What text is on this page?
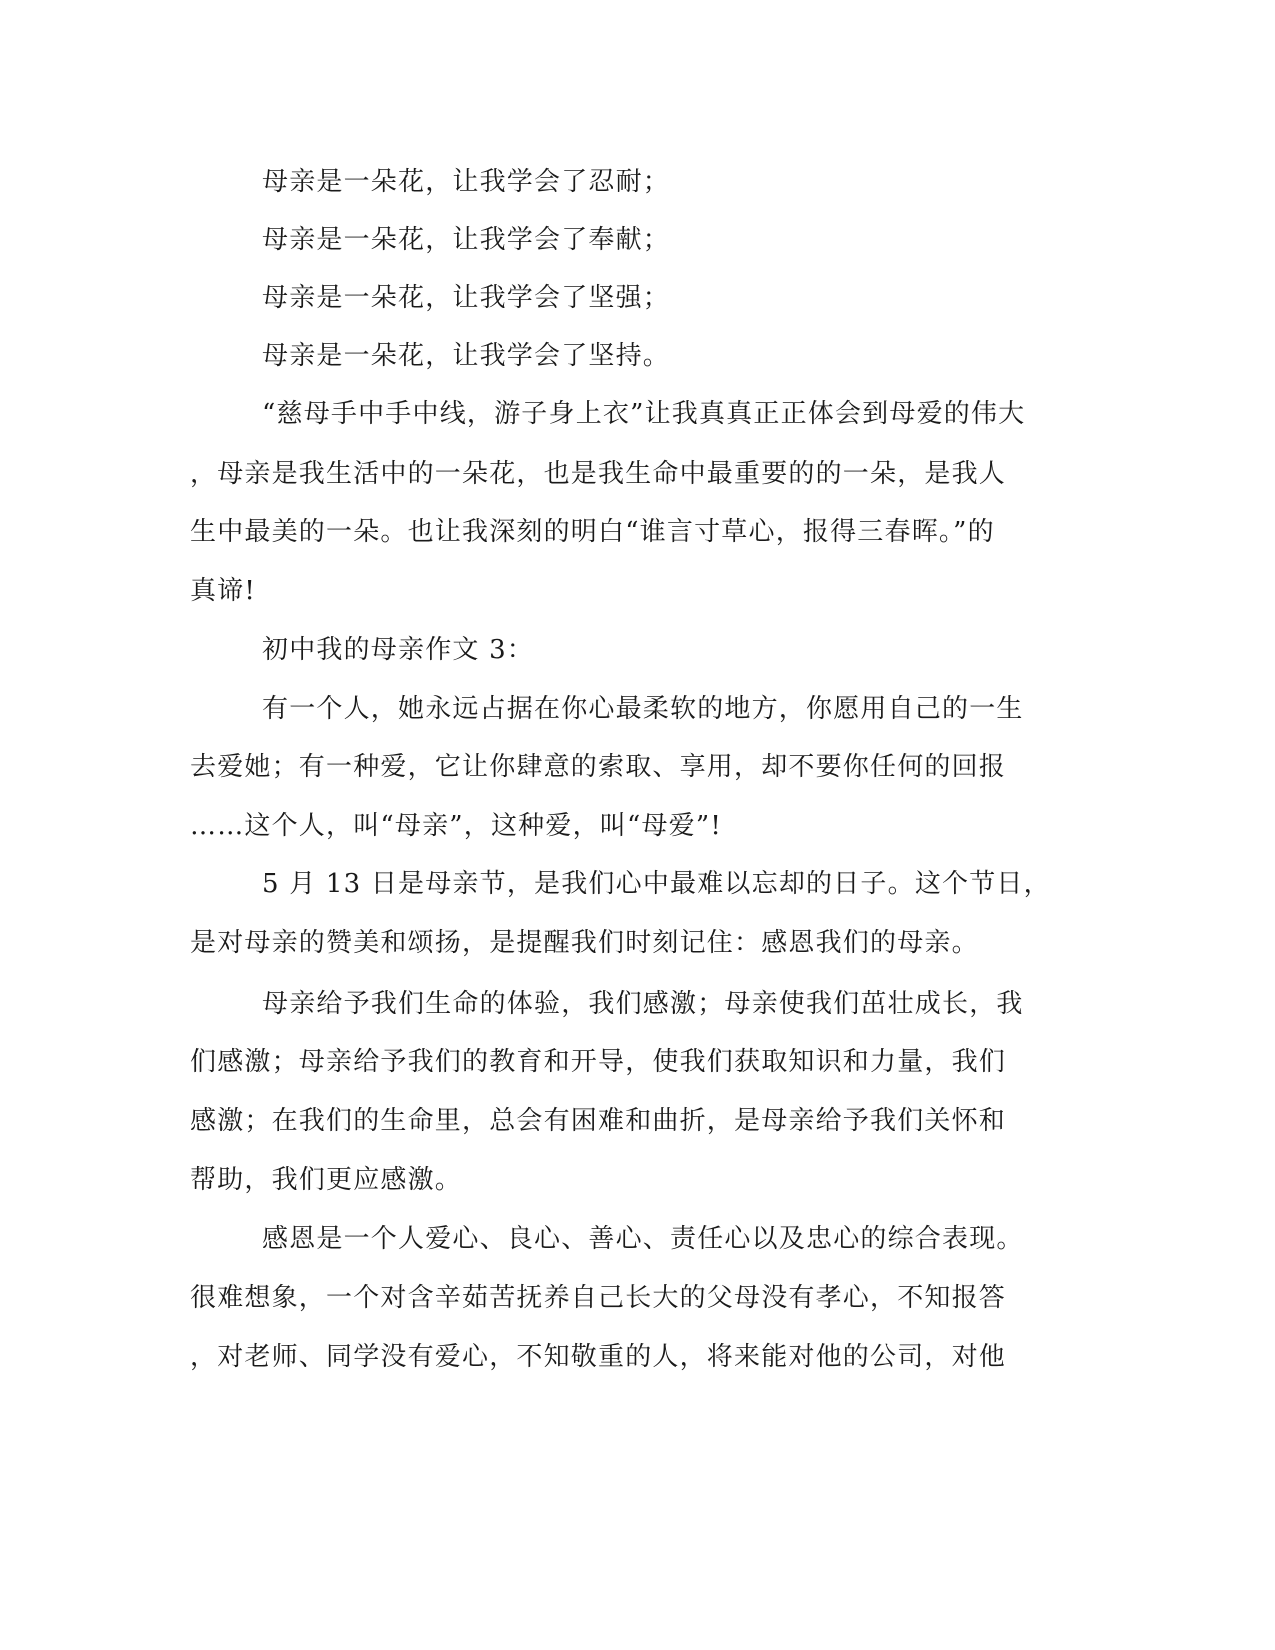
母亲是一朵花，让我学会了忍耐；

母亲是一朵花，让我学会了奉献；

母亲是一朵花，让我学会了坚强；

母亲是一朵花，让我学会了坚持。

“慈母手中手中线，游子身上衣”让我真真正正体会到母爱的伟大

，母亲是我生活中的一朵花，也是我生命中最重要的的一朵，是我人

生中最美的一朵。也让我深刻的明白“谁言寸草心，报得三春晖。”的

真谛!

初中我的母亲作文 3：

有一个人，她永远占据在你心最柔软的地方，你愿用自己的一生

去爱她；有一种爱，它让你肆意的索取、享用，却不要你任何的回报

……这个人，叫“母亲”，这种爱，叫“母爱”!

5 月 13 日是母亲节，是我们心中最难以忘却的日子。这个节日，

是对母亲的赞美和颂扬，是提醒我们时刻记住：感恩我们的母亲。

母亲给予我们生命的体验，我们感激；母亲使我们茁壮成长，我

们感激；母亲给予我们的教育和开导，使我们获取知识和力量，我们

感激；在我们的生命里，总会有困难和曲折，是母亲给予我们关怀和

帮助，我们更应感激。

感恩是一个人爱心、良心、善心、责任心以及忠心的综合表现。

很难想象，一个对含辛茹苦抚养自己长大的父母没有孝心，不知报答

，对老师、同学没有爱心，不知敬重的人，将来能对他的公司，对他
